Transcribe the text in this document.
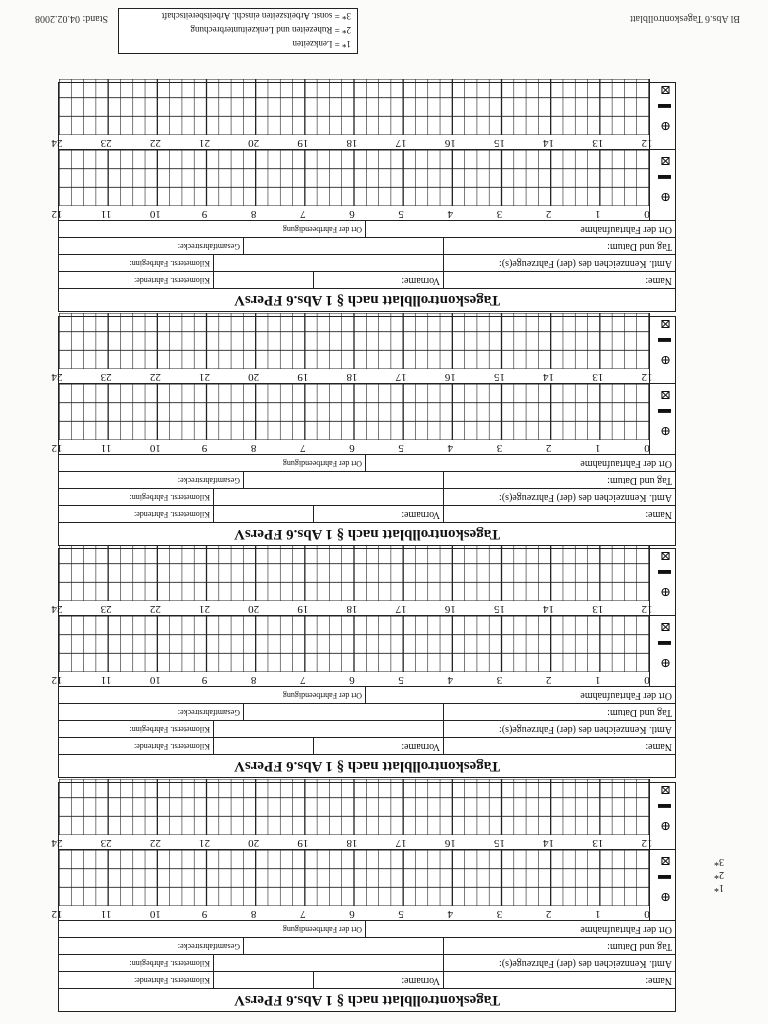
Bl Abs.6 Tageskontrollblatt
Stand: 04.02.2008
1* = Lenkzeiten
2* = Ruhezeiten und Lenkzeitunterbrechung
3* = sonst. Arbeitszeiten einschl. Arbeitsbereitschaft
1*
2*
3*
Tageskontrollblatt nach § 1 Abs.6 FPersV
Name:
Vorname:
Kilometerst. Fahrtende:
Amtl. Kennzeichen des (der) Fahrzeuge(s):
Kilometerst. Fahrbeginn:
Tag und Datum:
Gesamtfahrstrecke:
Ort der Fahrtaufnahme
Ort der Fahrtbeendigung
⊕
▬
⊠
0
1
2
3
4
5
6
7
8
9
10
11
12
⊕
▬
⊠
12
13
14
15
16
17
18
19
20
21
22
23
24
Tageskontrollblatt nach § 1 Abs.6 FPersV
Name:
Vorname:
Kilometerst. Fahrtende:
Amtl. Kennzeichen des (der) Fahrzeuge(s):
Kilometerst. Fahrbeginn:
Tag und Datum:
Gesamtfahrstrecke:
Ort der Fahrtaufnahme
Ort der Fahrtbeendigung
⊕
▬
⊠
0
1
2
3
4
5
6
7
8
9
10
11
12
⊕
▬
⊠
12
13
14
15
16
17
18
19
20
21
22
23
24
Tageskontrollblatt nach § 1 Abs.6 FPersV
Name:
Vorname:
Kilometerst. Fahrtende:
Amtl. Kennzeichen des (der) Fahrzeuge(s):
Kilometerst. Fahrbeginn:
Tag und Datum:
Gesamtfahrstrecke:
Ort der Fahrtaufnahme
Ort der Fahrtbeendigung
⊕
▬
⊠
0
1
2
3
4
5
6
7
8
9
10
11
12
⊕
▬
⊠
12
13
14
15
16
17
18
19
20
21
22
23
24
Tageskontrollblatt nach § 1 Abs.6 FPersV
Name:
Vorname:
Kilometerst. Fahrtende:
Amtl. Kennzeichen des (der) Fahrzeuge(s):
Kilometerst. Fahrbeginn:
Tag und Datum:
Gesamtfahrstrecke:
Ort der Fahrtaufnahme
Ort der Fahrtbeendigung
⊕
▬
⊠
0
1
2
3
4
5
6
7
8
9
10
11
12
⊕
▬
⊠
12
13
14
15
16
17
18
19
20
21
22
23
24
